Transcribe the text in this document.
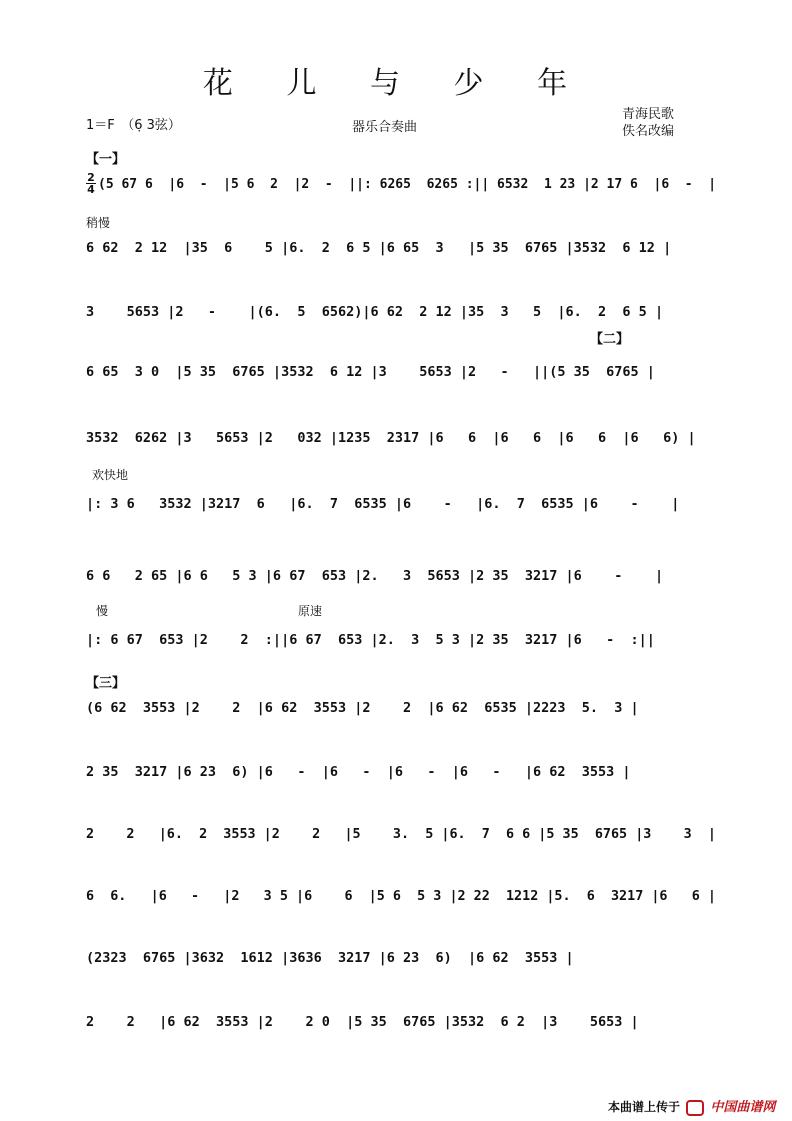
花 儿 与 少 年
1＝F　（6̣ 3弦）	器乐合奏曲
青海民歌
佚名改编
【一】
2
4 (5 67 6  |6  -  |5 6  2  |2  -  ||: 6265  6265 :|| 6532  1 23 |2 17 6  |6  -  |
稍慢
6 62  2 12  |35  6    5 |6.  2  6 5 |6 65  3   |5 35  6765 |3532  6 12 |
3    5653 |2   -    |(6.  5  6562)|6 62  2 12 |35  3   5  |6.  2  6 5 |
【二】
6 65  3 0  |5 35  6765 |3532  6 12 |3    5653 |2   -   ||(5 35  6765 |
3532  6262 |3   5653 |2   032 |1235  2317 |6   6  |6   6  |6   6  |6   6) |
欢快地
|: 3 6   3532 |3217  6   |6.  7  6535 |6    -   |6.  7  6535 |6    -    |
6 6   2 65 |6 6   5 3 |6 67  653 |2.   3  5653 |2 35  3217 |6    -    |
慢	原速
|: 6 67  653 |2    2  :||6 67  653 |2.  3  5 3 |2 35  3217 |6   -  :||
【三】
(6 62  3553 |2    2  |6 62  3553 |2    2  |6 62  6535 |2223  5.  3 |
2 35  3217 |6 23  6) |6   -  |6   -  |6   -  |6   -   |6 62  3553 |
2    2   |6.  2  3553 |2    2   |5    3.  5 |6.  7  6 6 |5 35  6765 |3    3  |
6  6.   |6   -   |2   3 5 |6    6  |5 6  5 3 |2 22  1212 |5.  6  3217 |6   6 |
(2323  6765 |3632  1612 |3636  3217 |6 23  6)  |6 62  3553 |
2    2   |6 62  3553 |2    2 0  |5 35  6765 |3532  6 2  |3    5653 |
本曲谱上传于 中国曲谱网
